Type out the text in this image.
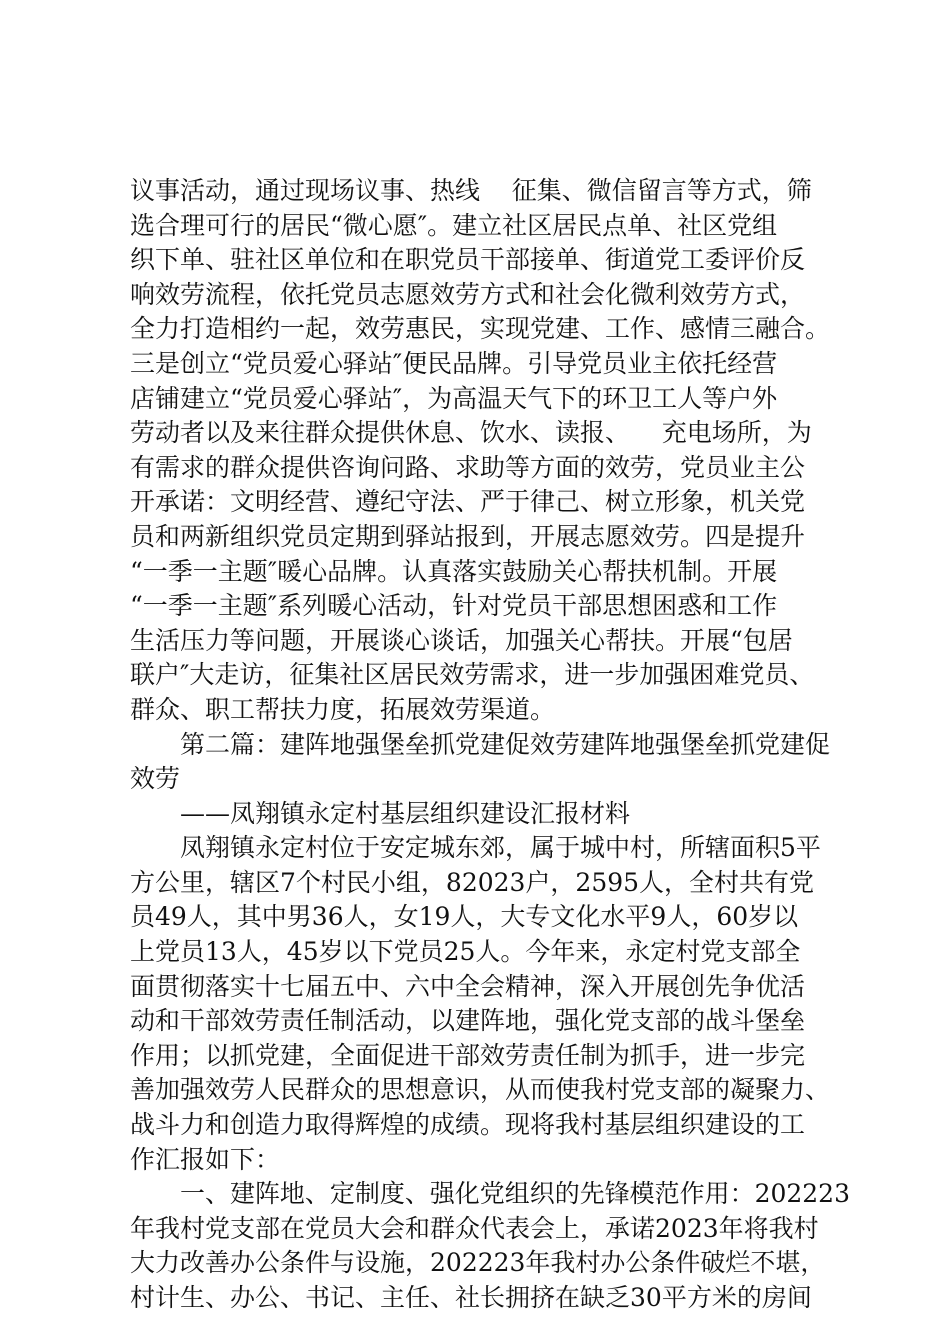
议事活动，通过现场议事、热线    征集、微信留言等方式，筛
选合理可行的居民“微心愿″。建立社区居民点单、社区党组
织下单、驻社区单位和在职党员干部接单、街道党工委评价反
响效劳流程，依托党员志愿效劳方式和社会化微利效劳方式，
全力打造相约一起，效劳惠民，实现党建、工作、感情三融合。
三是创立“党员爱心驿站″便民品牌。引导党员业主依托经营
店铺建立“党员爱心驿站″，为高温天气下的环卫工人等户外
劳动者以及来往群众提供休息、饮水、读报、    充电场所，为
有需求的群众提供咨询问路、求助等方面的效劳，党员业主公
开承诺：文明经营、遵纪守法、严于律己、树立形象，机关党
员和两新组织党员定期到驿站报到，开展志愿效劳。四是提升
“一季一主题″暖心品牌。认真落实鼓励关心帮扶机制。开展
“一季一主题″系列暖心活动，针对党员干部思想困惑和工作
生活压力等问题，开展谈心谈话，加强关心帮扶。开展“包居
联户″大走访，征集社区居民效劳需求，进一步加强困难党员、
群众、职工帮扶力度，拓展效劳渠道。
第二篇：建阵地强堡垒抓党建促效劳建阵地强堡垒抓党建促
效劳
——凤翔镇永定村基层组织建设汇报材料
凤翔镇永定村位于安定城东郊，属于城中村，所辖面积5平
方公里，辖区7个村民小组，82023户，2595人，全村共有党
员49人，其中男36人，女19人，大专文化水平9人，60岁以
上党员13人，45岁以下党员25人。今年来，永定村党支部全
面贯彻落实十七届五中、六中全会精神，深入开展创先争优活
动和干部效劳责任制活动，以建阵地，强化党支部的战斗堡垒
作用；以抓党建，全面促进干部效劳责任制为抓手，进一步完
善加强效劳人民群众的思想意识，从而使我村党支部的凝聚力、
战斗力和创造力取得辉煌的成绩。现将我村基层组织建设的工
作汇报如下：
一、建阵地、定制度、强化党组织的先锋模范作用：202223
年我村党支部在党员大会和群众代表会上，承诺2023年将我村
大力改善办公条件与设施，202223年我村办公条件破烂不堪，
村计生、办公、书记、主任、社长拥挤在缺乏30平方米的房间
